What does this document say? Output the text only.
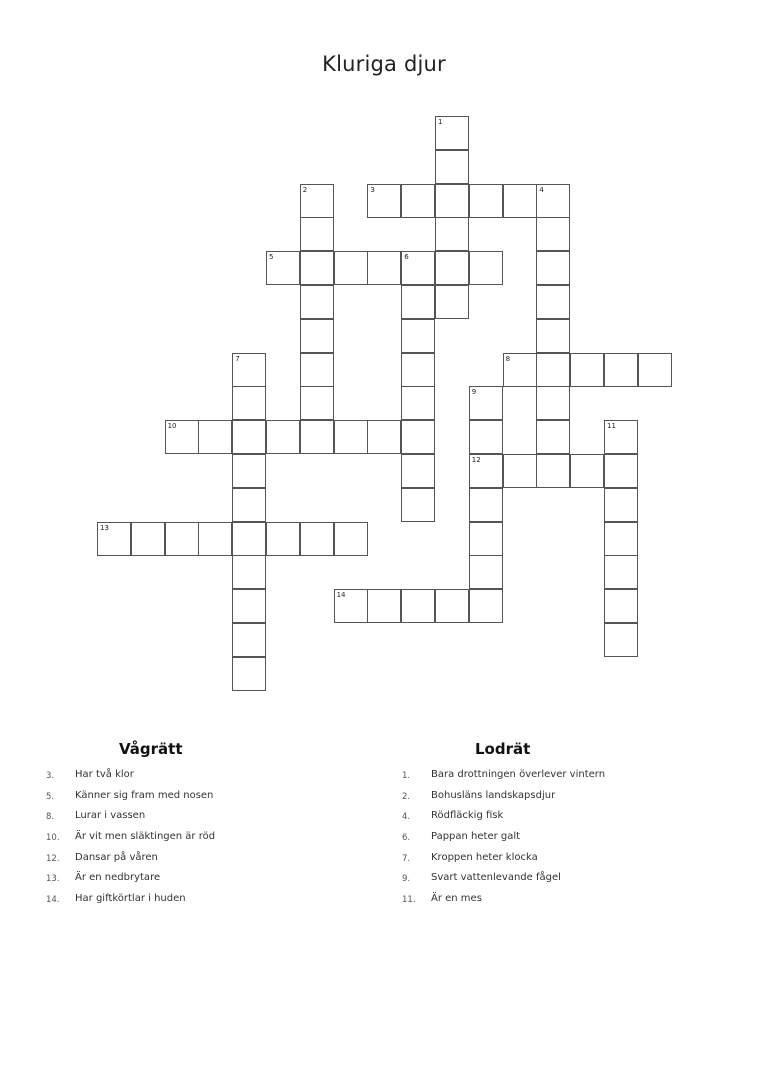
Kluriga djur
1
2	3	4
5	6
7	8
9
12
10	11
13
14
Vågrätt
3. Har två klor
5. Känner sig fram med nosen
8. Lurar i vassen
10. Är vit men släktingen är röd
12. Dansar på våren
13. Är en nedbrytare
14. Har giftkörtlar i huden
Lodrät
1. Bara drottningen överlever vintern
2. Bohusläns landskapsdjur
4. Rödfläckig fisk
6. Pappan heter galt
7. Kroppen heter klocka
9. Svart vattenlevande fågel
11. Är en mes
